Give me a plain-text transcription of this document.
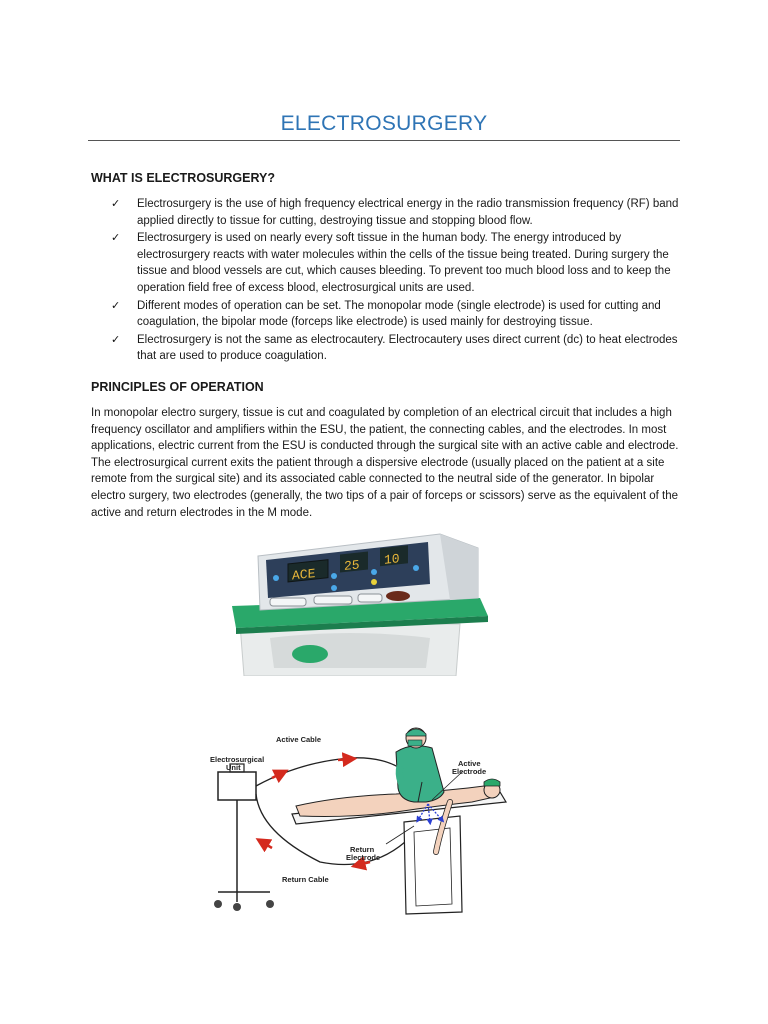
ELECTROSURGERY
WHAT IS ELECTROSURGERY?
✓ Electrosurgery is the use of high frequency electrical energy in the radio transmission frequency (RF) band applied directly to tissue for cutting, destroying tissue and stopping blood flow.
✓ Electrosurgery is used on nearly every soft tissue in the human body. The energy introduced by electrosurgery reacts with water molecules within the cells of the tissue being treated. During surgery the tissue and blood vessels are cut, which causes bleeding. To prevent too much blood loss and to keep the operation field free of excess blood, electrosurgical units are used.
✓ Different modes of operation can be set. The monopolar mode (single electrode) is used for cutting and coagulation, the bipolar mode (forceps like electrode) is used mainly for destroying tissue.
✓ Electrosurgery is not the same as electrocautery. Electrocautery uses direct current (dc) to heat electrodes that are used to produce coagulation.
PRINCIPLES OF OPERATION

In monopolar electro surgery, tissue is cut and coagulated by completion of an electrical circuit that includes a high frequency oscillator and amplifiers within the ESU, the patient, the connecting cables, and the electrodes. In most applications, electric current from the ESU is conducted through the surgical site with an active cable and electrode. The electrosurgical current exits the patient through a dispersive electrode (usually placed on the patient at a site remote from the surgical site) and its associated cable connected to the neutral side of the generator. In bipolar electro surgery, two electrodes (generally, the two tips of a pair of forceps or scissors) serve as the equivalent of the active and return electrodes in the M mode.

ACE
25 10
Electrosurgical
Unit
Active Cable
Return Cable
Active
Electrode
Return
Electrode
